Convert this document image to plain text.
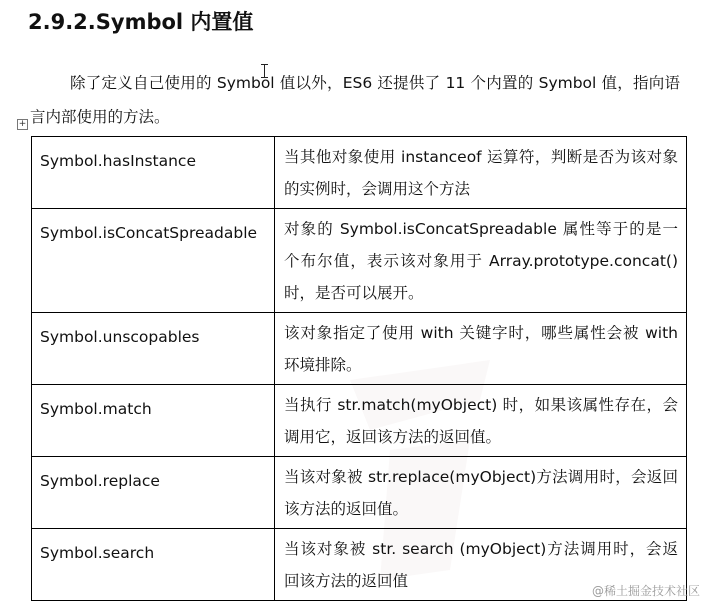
2.9.2.Symbol 内置值
除了定义自己使用的 Symbol 值以外，ES6 还提供了 11 个内置的 Symbol 值，指向语言内部使用的方法。
+
Symbol.hasInstance	当其他对象使用 instanceof 运算符，判断是否为该对象的实例时，会调用这个方法
Symbol.isConcatSpreadable	对象的 Symbol.isConcatSpreadable 属性等于的是一个布尔值，表示该对象用于 Array.prototype.concat()时，是否可以展开。
Symbol.unscopables	该对象指定了使用 with 关键字时，哪些属性会被 with 环境排除。
Symbol.match	当执行 str.match(myObject) 时，如果该属性存在，会调用它，返回该方法的返回值。
Symbol.replace	当该对象被 str.replace(myObject)方法调用时，会返回该方法的返回值。
Symbol.search	当该对象被 str. search (myObject)方法调用时，会返回该方法的返回值
@稀土掘金技术社区
